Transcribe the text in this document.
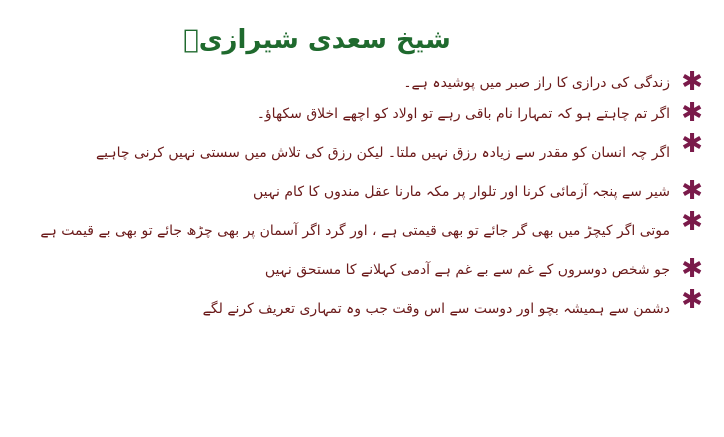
شیخ سعدی شیرازیؒ
✱
زندگی کی درازی کا راز صبر میں پوشیدہ ہے۔
✱
اگر تم چاہتے ہو کہ تمہارا نام باقی رہے تو اولاد کو اچھے اخلاق سکھاؤ۔
✱
اگر چہ انسان کو مقدر سے زیادہ رزق نہیں ملتا۔ لیکن رزق کی تلاش میں سستی نہیں کرنی چاہیے
✱
شیر سے پنجہ آزمائی کرنا اور تلوار پر مکہ مارنا عقل مندوں کا کام نہیں
✱
موتی اگر کیچڑ میں بھی گر جائے تو بھی قیمتی ہے ، اور گرد اگر آسمان پر بھی چڑھ جائے تو بھی بے قیمت ہے
✱
جو شخص دوسروں کے غم سے بے غم ہے آدمی کہلانے کا مستحق نہیں
✱
دشمن سے ہمیشہ بچو اور دوست سے اس وقت جب وہ تمہاری تعریف کرنے لگے
